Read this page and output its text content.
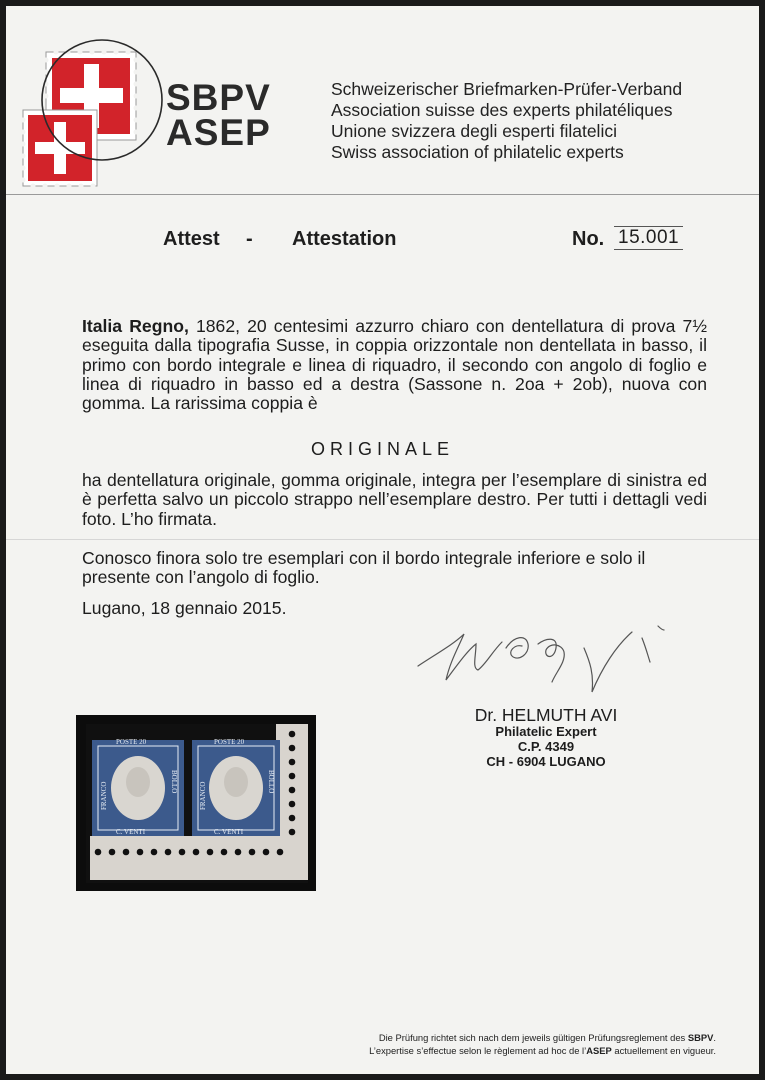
SBPV
ASEP
Schweizerischer Briefmarken-Prüfer-Verband
Association suisse des experts philatéliques
Unione svizzera degli esperti filatelici
Swiss association of philatelic experts
Attest - Attestation	No. 15.001
Italia Regno, 1862, 20 centesimi azzurro chiaro con dentellatura di prova 7½ eseguita dalla tipografia Susse, in coppia orizzontale non dentellata in basso, il primo con bordo integrale e linea di riquadro, il secondo con angolo di foglio e linea di riquadro in basso ed a destra (Sassone n. 2oa + 2ob), nuova con gomma. La rarissima coppia è
ORIGINALE
ha dentellatura originale, gomma originale, integra per l’esemplare di sinistra ed è perfetta salvo un piccolo strappo nell’esemplare destro. Per tutti i dettagli vedi foto. L’ho firmata.
Conosco finora solo tre esemplari con il bordo integrale inferiore e solo il presente con l’angolo di foglio.
Lugano, 18 gennaio 2015.
Dr. HELMUTH AVI
Philatelic Expert
C.P. 4349
CH - 6904 LUGANO
POSTE 20	POSTE 20
C. VENTI	C. VENTI
FRANCO	BOLLO	FRANCO	BOLLO
Die Prüfung richtet sich nach dem jeweils gültigen Prüfungsreglement des SBPV.
L’expertise s’effectue selon le règlement ad hoc de l’ASEP actuellement en vigueur.
